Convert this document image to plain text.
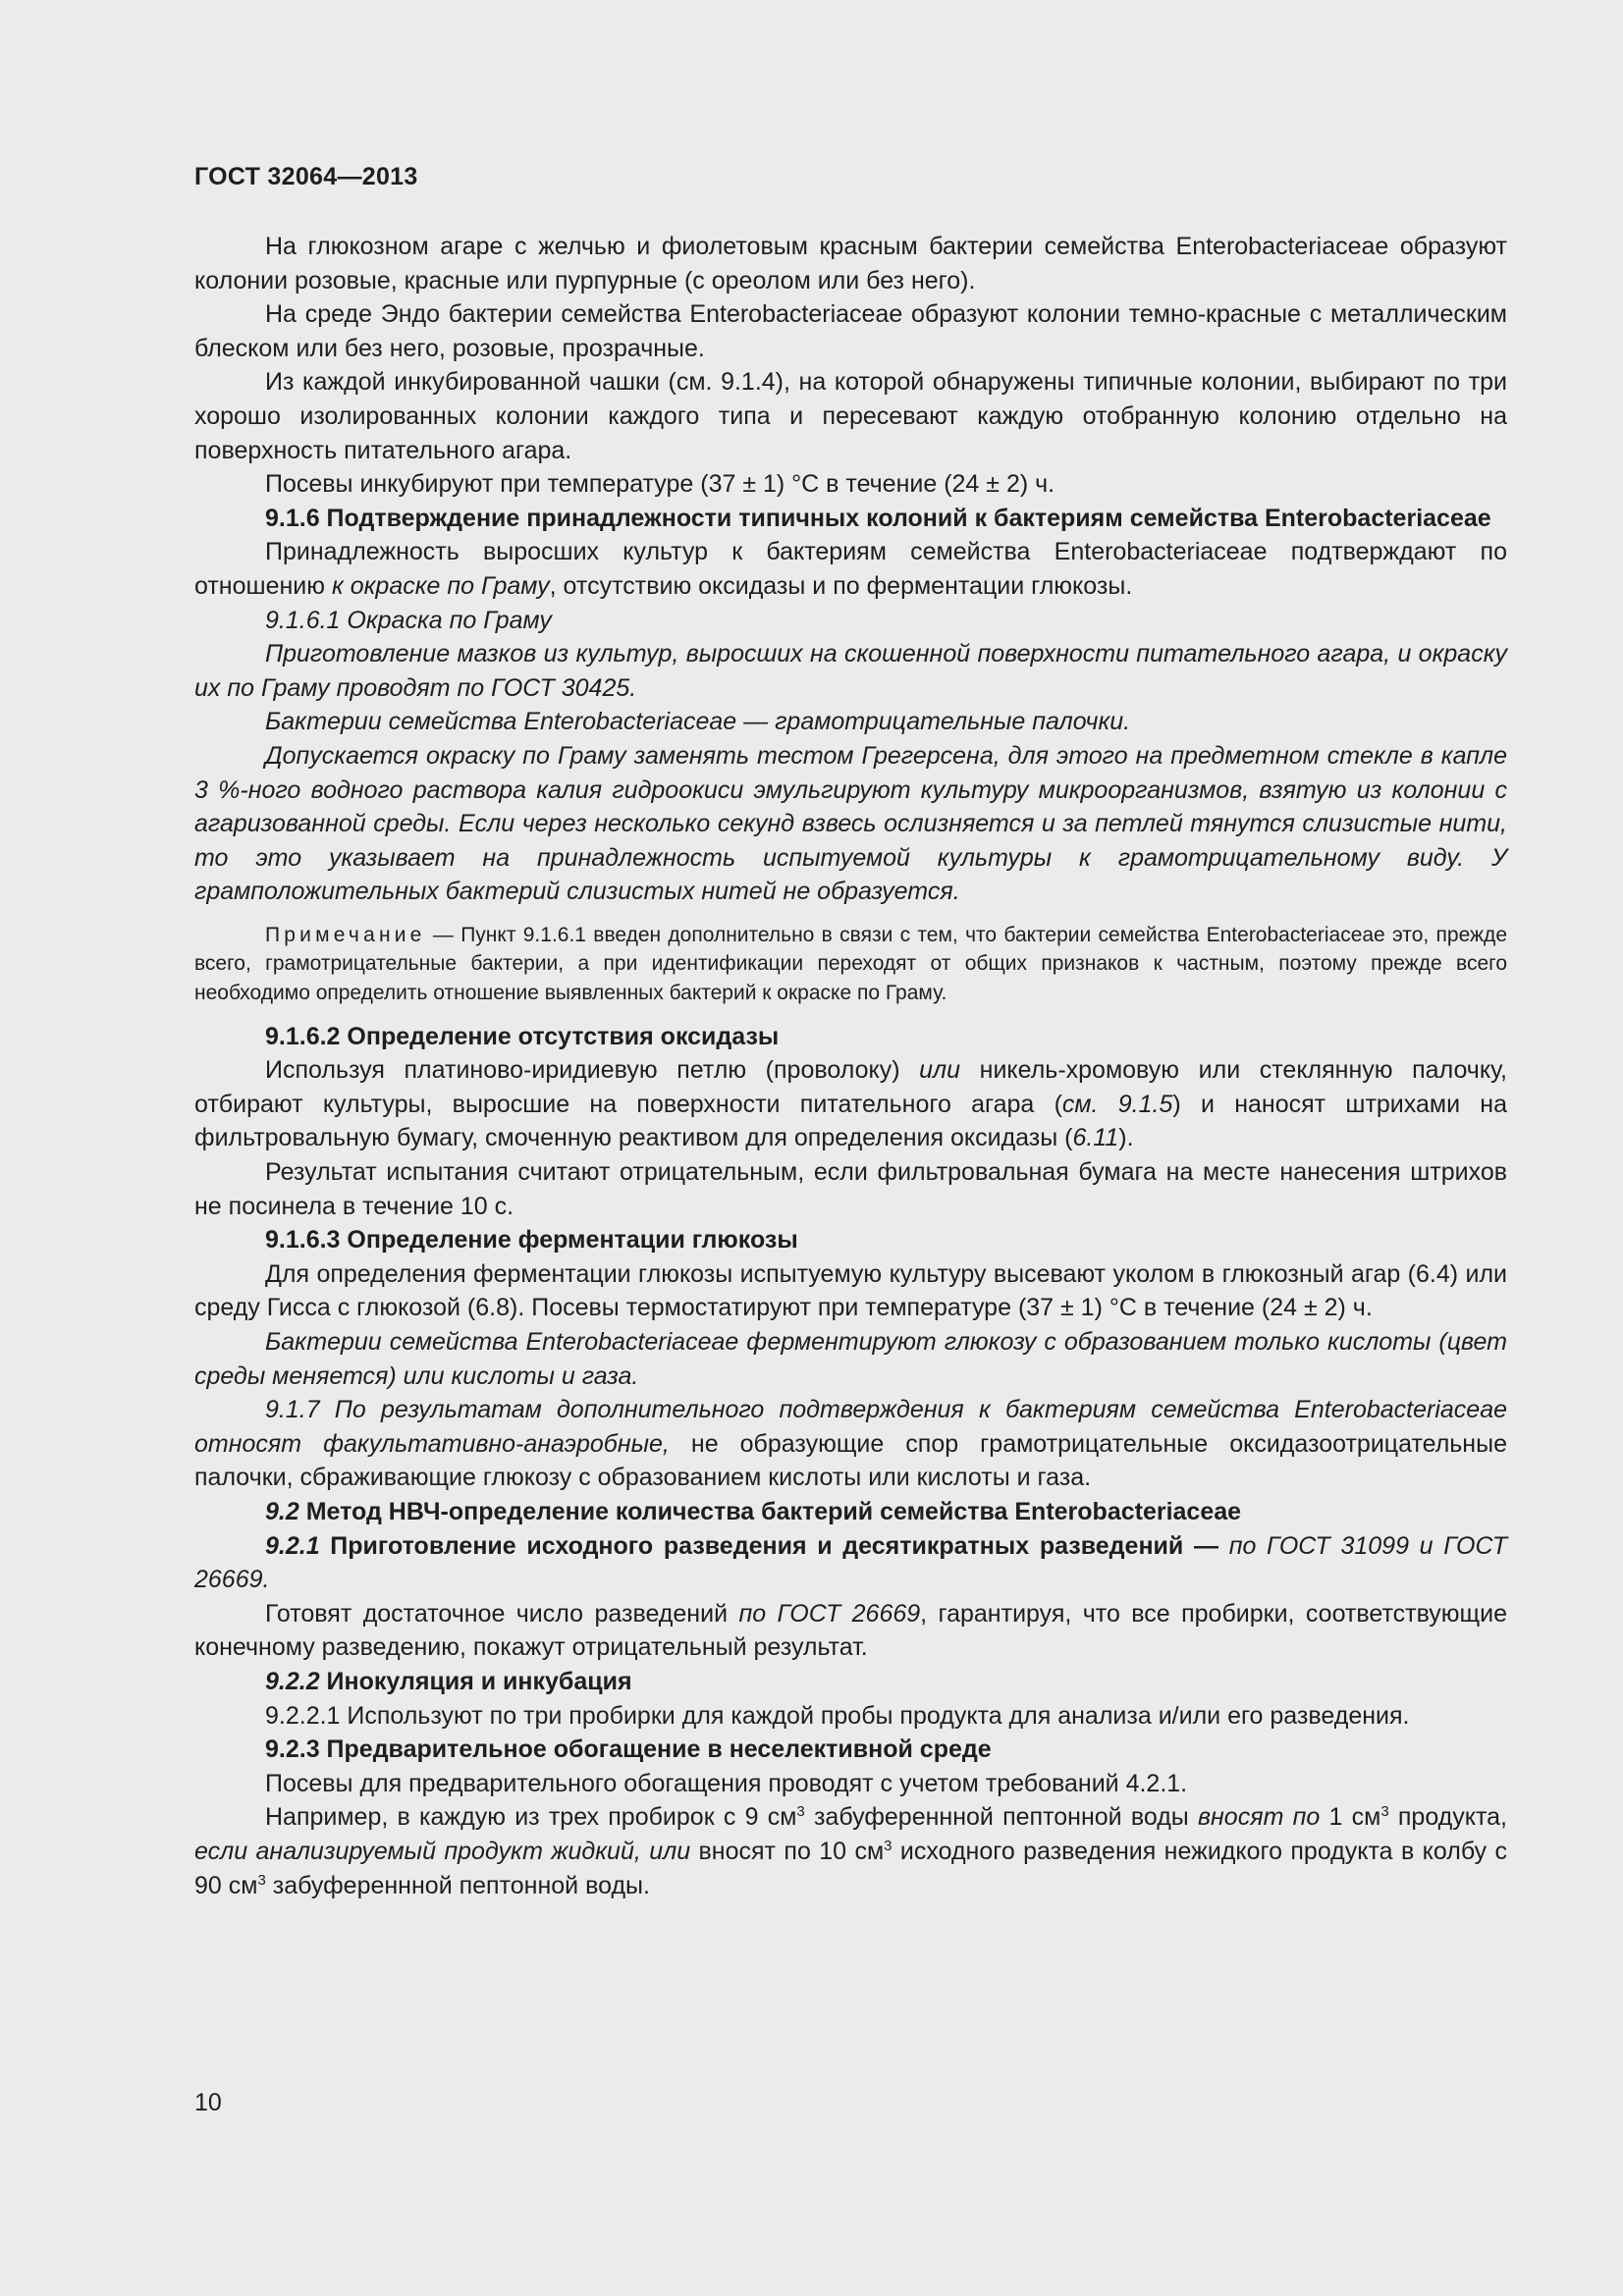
ГОСТ 32064—2013

На глюкозном агаре с желчью и фиолетовым красным бактерии семейства Enterobacteriaceae образуют колонии розовые, красные или пурпурные (с ореолом или без него).

На среде Эндо бактерии семейства Enterobacteriaceae образуют колонии темно-красные с металлическим блеском или без него, розовые, прозрачные.

Из каждой инкубированной чашки (см. 9.1.4), на которой обнаружены типичные колонии, выбирают по три хорошо изолированных колонии каждого типа и пересевают каждую отобранную колонию отдельно на поверхность питательного агара.

Посевы инкубируют при температуре (37 ± 1) °С в течение (24 ± 2) ч.

9.1.6 Подтверждение принадлежности типичных колоний к бактериям семейства Enterobacteriaceae

Принадлежность выросших культур к бактериям семейства Enterobacteriaceae подтверждают по отношению к окраске по Граму, отсутствию оксидазы и по ферментации глюкозы.

9.1.6.1 Окраска по Граму

Приготовление мазков из культур, выросших на скошенной поверхности питательного агара, и окраску их по Граму проводят по ГОСТ 30425.

Бактерии семейства Enterobacteriaceae — грамотрицательные палочки.

Допускается окраску по Граму заменять тестом Грегерсена, для этого на предметном стекле в капле 3 %-ного водного раствора калия гидроокиси эмульгируют культуру микроорганизмов, взятую из колонии с агаризованной среды. Если через несколько секунд взвесь ослизняется и за петлей тянутся слизистые нити, то это указывает на принадлежность испытуемой культуры к грамотрицательному виду. У грамположительных бактерий слизистых нитей не образуется.

Примечание — Пункт 9.1.6.1 введен дополнительно в связи с тем, что бактерии семейства Enterobacteriaceae это, прежде всего, грамотрицательные бактерии, а при идентификации переходят от общих признаков к частным, поэтому прежде всего необходимо определить отношение выявленных бактерий к окраске по Граму.

9.1.6.2 Определение отсутствия оксидазы

Используя платиново-иридиевую петлю (проволоку) или никель-хромовую или стеклянную палочку, отбирают культуры, выросшие на поверхности питательного агара (см. 9.1.5) и наносят штрихами на фильтровальную бумагу, смоченную реактивом для определения оксидазы (6.11).

Результат испытания считают отрицательным, если фильтровальная бумага на месте нанесения штрихов не посинела в течение 10 с.

9.1.6.3 Определение ферментации глюкозы

Для определения ферментации глюкозы испытуемую культуру высевают уколом в глюкозный агар (6.4) или среду Гисса с глюкозой (6.8). Посевы термостатируют при температуре (37 ± 1) °С в течение (24 ± 2) ч.

Бактерии семейства Enterobacteriaceae ферментируют глюкозу с образованием только кислоты (цвет среды меняется) или кислоты и газа.

9.1.7 По результатам дополнительного подтверждения к бактериям семейства Enterobacteriaceae относят факультативно-анаэробные, не образующие спор грамотрицательные оксидазоотрицательные палочки, сбраживающие глюкозу с образованием кислоты или кислоты и газа.

9.2 Метод НВЧ-определение количества бактерий семейства Enterobacteriaceae

9.2.1 Приготовление исходного разведения и десятикратных разведений — по ГОСТ 31099 и ГОСТ 26669.

Готовят достаточное число разведений по ГОСТ 26669, гарантируя, что все пробирки, соответствующие конечному разведению, покажут отрицательный результат.

9.2.2 Инокуляция и инкубация

9.2.2.1 Используют по три пробирки для каждой пробы продукта для анализа и/или его разведения.

9.2.3 Предварительное обогащение в неселективной среде

Посевы для предварительного обогащения проводят с учетом требований 4.2.1.

Например, в каждую из трех пробирок с 9 $см^3$ забуференнной пептонной воды вносят по 1 $см^3$ продукта, если анализируемый продукт жидкий, или вносят по 10 $см^3$ исходного разведения нежидкого продукта в колбу с 90 $см^3$ забуференнной пептонной воды.

10
